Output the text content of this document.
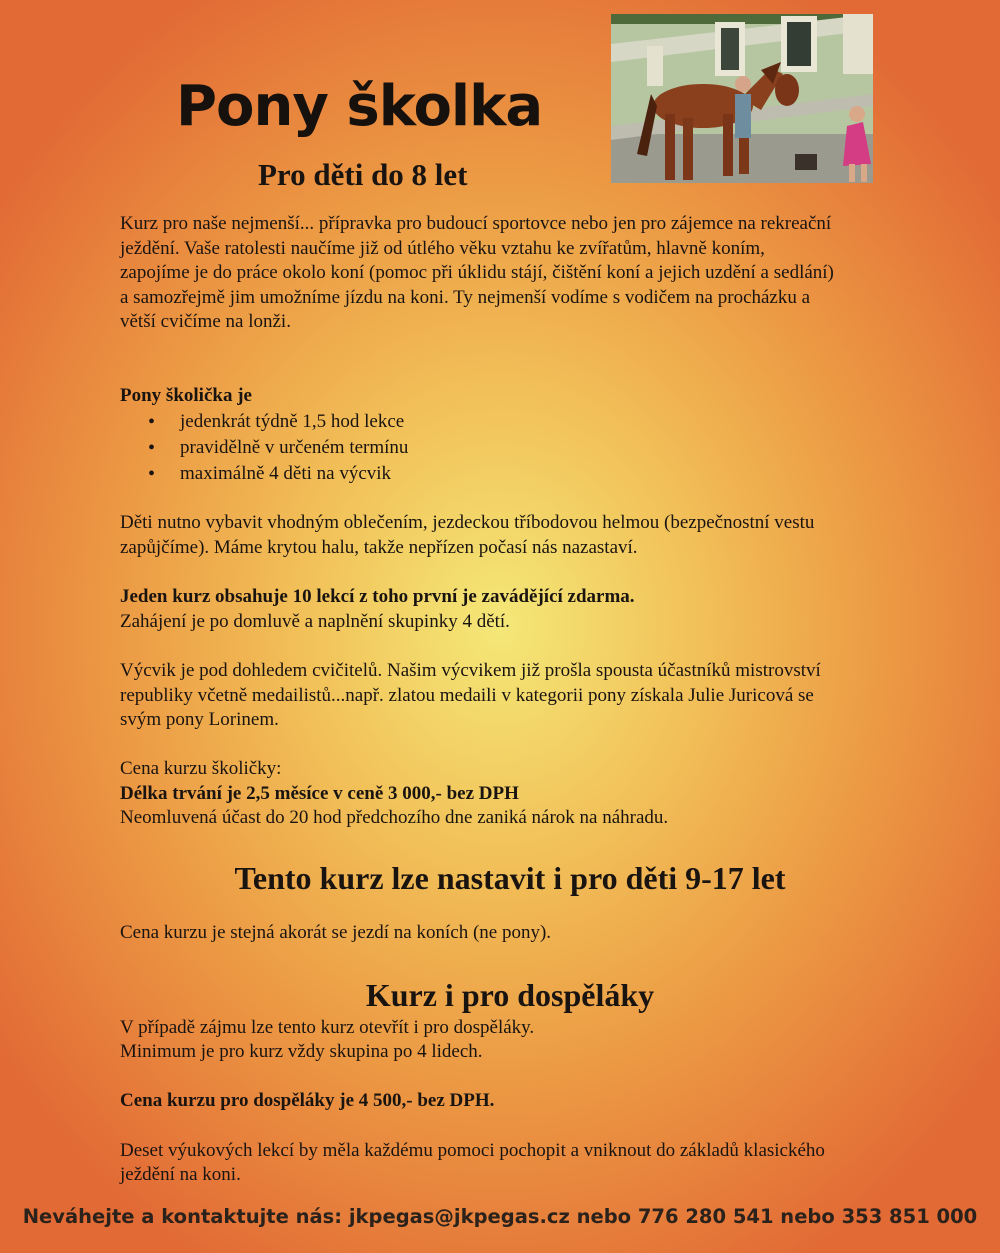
Pony školka
Pro děti do 8 let

Kurz pro naše nejmenší... přípravka pro budoucí sportovce nebo jen pro zájemce na rekreační

ježdění. Vaše ratolesti naučíme již od útlého věku vztahu ke zvířatům, hlavně koním,

zapojíme je do práce okolo koní (pomoc při úklidu stájí, čištění koní a jejich uzdění a sedlání)

a samozřejmě jim umožníme jízdu na koni. Ty nejmenší vodíme s vodičem na procházku a

větší cvičíme na lonži.

Pony školička je

• jedenkrát týdně 1,5 hod lekce
• pravidělně v určeném termínu
• maximálně 4 děti na výcvik

Děti nutno vybavit vhodným oblečením, jezdeckou tříbodovou helmou (bezpečnostní vestu

zapůjčíme). Máme krytou halu, takže nepřízen počasí nás nazastaví.

Jeden kurz obsahuje 10 lekcí z toho první je zavádějící zdarma.

Zahájení je po domluvě a naplnění skupinky 4 dětí.

Výcvik je pod dohledem cvičitelů. Našim výcvikem již prošla spousta účastníků mistrovství

republiky včetně medailistů...např. zlatou medaili v kategorii pony získala Julie Juricová se

svým pony Lorinem.

Cena kurzu školičky:

Délka trvání je 2,5 měsíce v ceně 3 000,- bez DPH

Neomluvená účast do 20 hod předchozího dne zaniká nárok na náhradu.

Tento kurz lze nastavit i pro děti 9-17 let

Cena kurzu je stejná akorát se jezdí na koních (ne pony).

Kurz i pro dospěláky

V případě zájmu lze tento kurz otevřít i pro dospěláky.

Minimum je pro kurz vždy skupina po 4 lidech.

Cena kurzu pro dospěláky je 4 500,- bez DPH.

Deset výukových lekcí by měla každému pomoci pochopit a vniknout do základů klasického

ježdění na koni.

Neváhejte a kontaktujte nás: jkpegas@jkpegas.cz nebo 776 280 541 nebo 353 851 000
